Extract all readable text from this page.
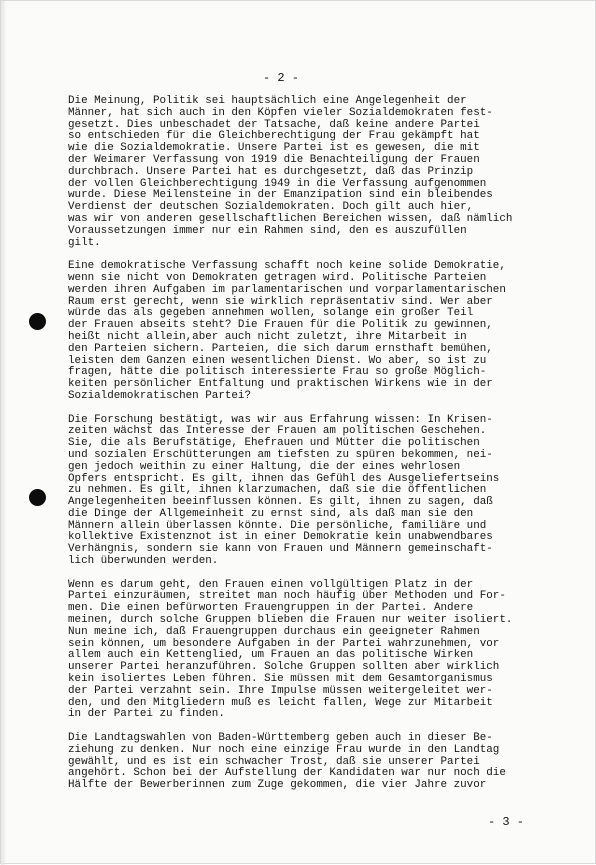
- 2 -
Die Meinung, Politik sei hauptsächlich eine Angelegenheit der
Männer, hat sich auch in den Köpfen vieler Sozialdemokraten fest-
gesetzt. Dies unbeschadet der Tatsache, daß keine andere Partei
so entschieden für die Gleichberechtigung der Frau gekämpft hat
wie die Sozialdemokratie. Unsere Partei ist es gewesen, die mit
der Weimarer Verfassung von 1919 die Benachteiligung der Frauen
durchbrach. Unsere Partei hat es durchgesetzt, daß das Prinzip
der vollen Gleichberechtigung 1949 in die Verfassung aufgenommen
wurde. Diese Meilensteine in der Emanzipation sind ein bleibendes
Verdienst der deutschen Sozialdemokraten. Doch gilt auch hier,
was wir von anderen gesellschaftlichen Bereichen wissen, daß nämlich
Voraussetzungen immer nur ein Rahmen sind, den es auszufüllen
gilt.
Eine demokratische Verfassung schafft noch keine solide Demokratie,
wenn sie nicht von Demokraten getragen wird. Politische Parteien
werden ihren Aufgaben im parlamentarischen und vorparlamentarischen
Raum erst gerecht, wenn sie wirklich repräsentativ sind. Wer aber
würde das als gegeben annehmen wollen, solange ein großer Teil
der Frauen abseits steht? Die Frauen für die Politik zu gewinnen,
heißt nicht allein,aber auch nicht zuletzt, ihre Mitarbeit in
den Parteien sichern. Parteien, die sich darum ernsthaft bemühen,
leisten dem Ganzen einen wesentlichen Dienst. Wo aber, so ist zu
fragen, hätte die politisch interessierte Frau so große Möglich-
keiten persönlicher Entfaltung und praktischen Wirkens wie in der
Sozialdemokratischen Partei?
Die Forschung bestätigt, was wir aus Erfahrung wissen: In Krisen-
zeiten wächst das Interesse der Frauen am politischen Geschehen.
Sie, die als Berufstätige, Ehefrauen und Mütter die politischen
und sozialen Erschütterungen am tiefsten zu spüren bekommen, nei-
gen jedoch weithin zu einer Haltung, die der eines wehrlosen
Opfers entspricht. Es gilt, ihnen das Gefühl des Ausgeliefertseins
zu nehmen. Es gilt, ihnen klarzumachen, daß sie die öffentlichen
Angelegenheiten beeinflussen können. Es gilt, ihnen zu sagen, daß
die Dinge der Allgemeinheit zu ernst sind, als daß man sie den
Männern allein überlassen könnte. Die persönliche, familiäre und
kollektive Existenznot ist in einer Demokratie kein unabwendbares
Verhängnis, sondern sie kann von Frauen und Männern gemeinschaft-
lich überwunden werden.
Wenn es darum geht, den Frauen einen vollgültigen Platz in der
Partei einzuräumen, streitet man noch häufig über Methoden und For-
men. Die einen befürworten Frauengruppen in der Partei. Andere
meinen, durch solche Gruppen blieben die Frauen nur weiter isoliert.
Nun meine ich, daß Frauengruppen durchaus ein geeigneter Rahmen
sein können, um besondere Aufgaben in der Partei wahrzunehmen, vor
allem auch ein Kettenglied, um Frauen an das politische Wirken
unserer Partei heranzuführen. Solche Gruppen sollten aber wirklich
kein isoliertes Leben führen. Sie müssen mit dem Gesamtorganismus
der Partei verzahnt sein. Ihre Impulse müssen weitergeleitet wer-
den, und den Mitgliedern muß es leicht fallen, Wege zur Mitarbeit
in der Partei zu finden.
Die Landtagswahlen von Baden-Württemberg geben auch in dieser Be-
ziehung zu denken. Nur noch eine einzige Frau wurde in den Landtag
gewählt, und es ist ein schwacher Trost, daß sie unserer Partei
angehört. Schon bei der Aufstellung der Kandidaten war nur noch die
Hälfte der Bewerberinnen zum Zuge gekommen, die vier Jahre zuvor
- 3 -
